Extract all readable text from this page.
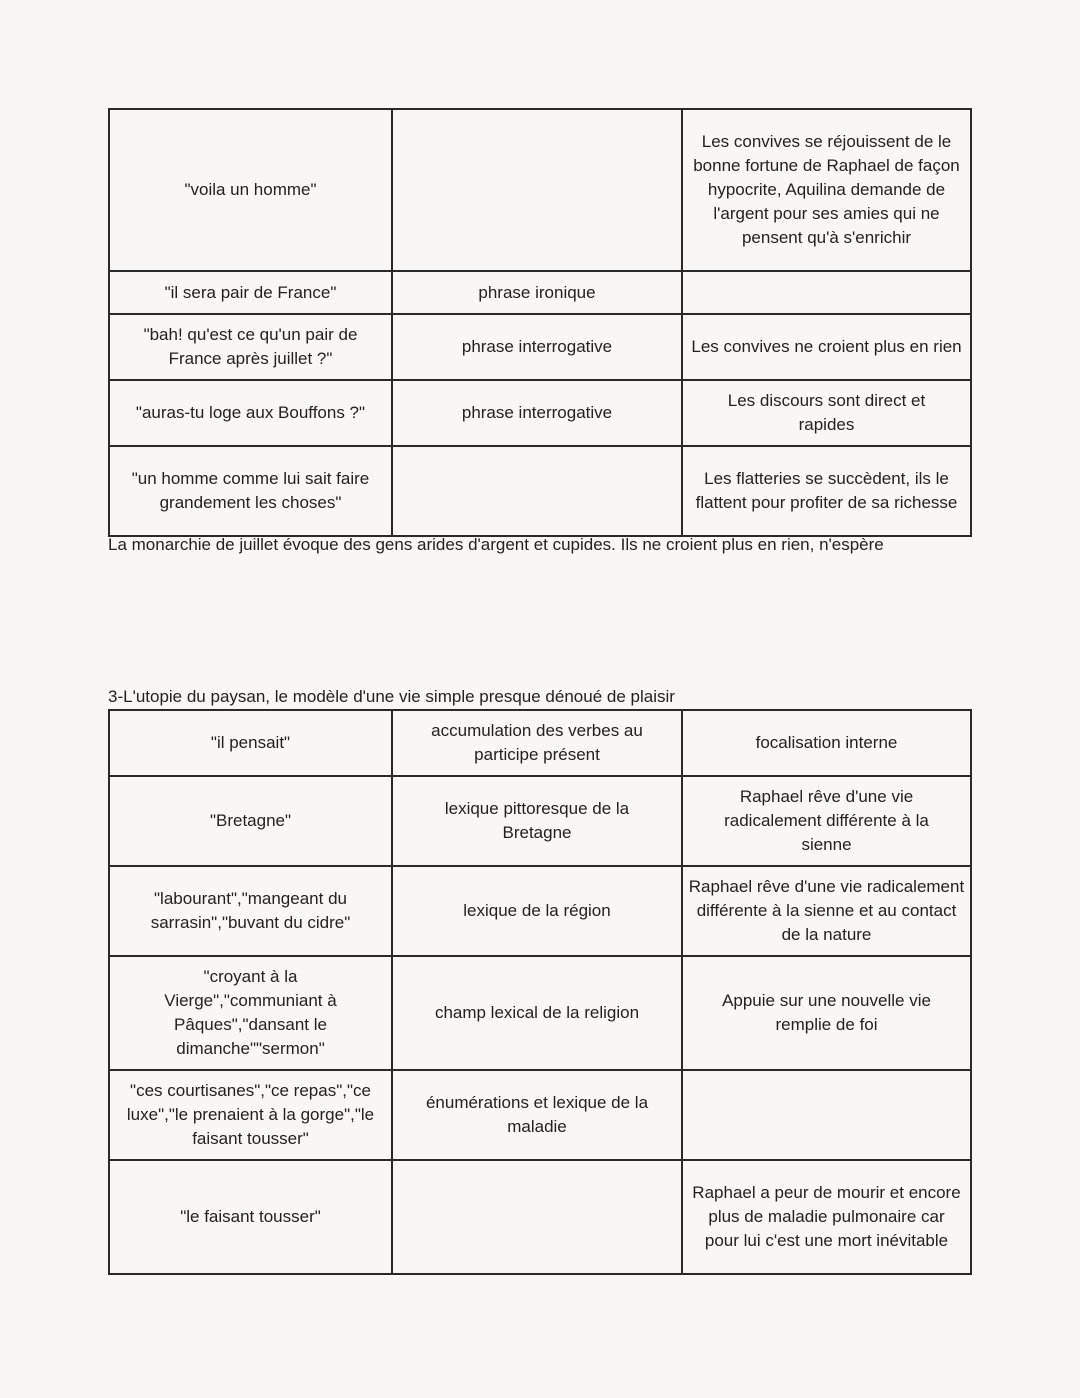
"voila un homme"		Les convives se réjouissent de le bonne fortune de Raphael de façon hypocrite, Aquilina demande de l'argent pour ses amies qui ne pensent qu'à s'enrichir
"il sera pair de France"	phrase ironique	
"bah! qu'est ce qu'un pair de France après juillet ?"	phrase interrogative	Les convives ne croient plus en rien
"auras-tu loge aux Bouffons ?"	phrase interrogative	Les discours sont direct et rapides
"un homme comme lui sait faire grandement les choses"		Les flatteries se succèdent, ils le flattent pour profiter de sa richesse
La monarchie de juillet évoque des gens arides d'argent et cupides. Ils ne croient plus en rien, n'espère
3-L'utopie du paysan, le modèle d'une vie simple presque dénoué de plaisir
"il pensait"	accumulation des verbes au participe présent	focalisation interne
"Bretagne"	lexique pittoresque de la Bretagne	Raphael rêve d'une vie radicalement différente à la sienne
"labourant","mangeant du sarrasin","buvant du cidre"	lexique de la région	Raphael rêve d'une vie radicalement différente à la sienne et au contact de la nature
"croyant à la Vierge","communiant à Pâques","dansant le dimanche""sermon"	champ lexical de la religion	Appuie sur une nouvelle vie remplie de foi
"ces courtisanes","ce repas","ce luxe","le prenaient à la gorge","le faisant tousser"	énumérations et lexique de la maladie	
"le faisant tousser"		Raphael a peur de mourir et encore plus de maladie pulmonaire car pour lui c'est une mort inévitable
